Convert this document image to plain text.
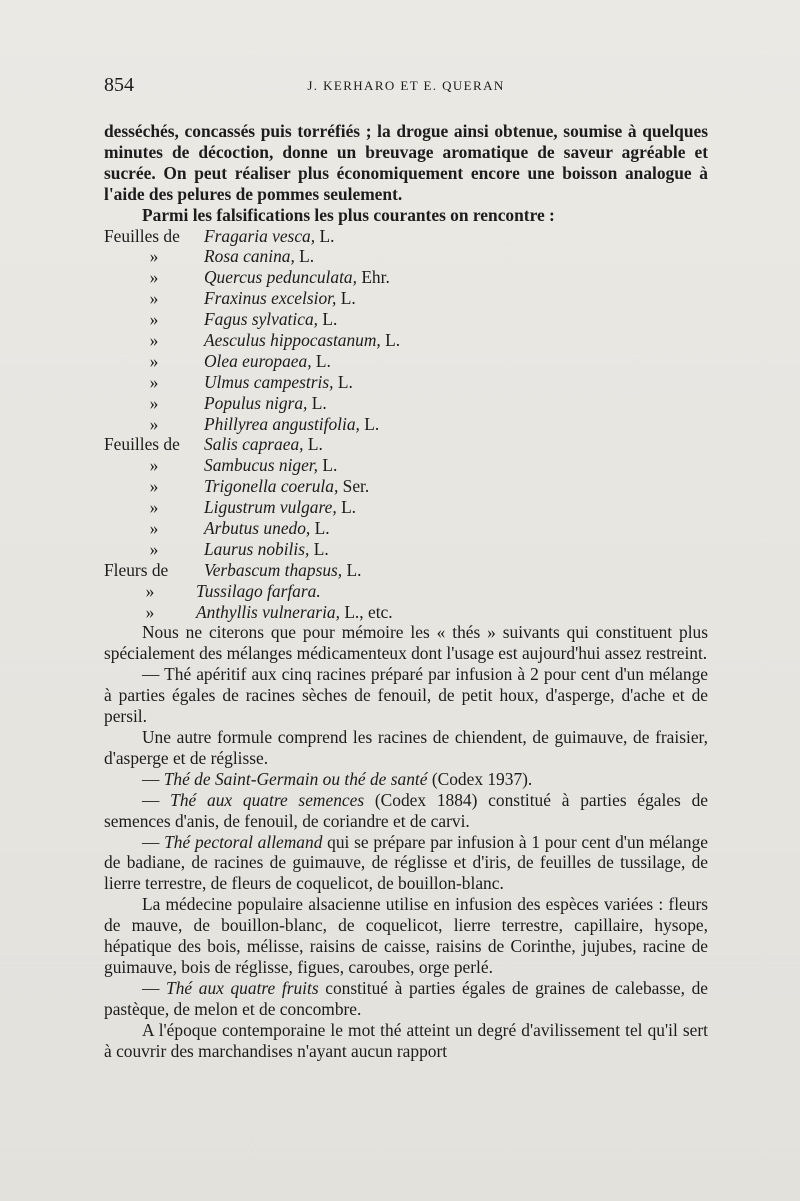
854	J. KERHARO ET E. QUERAN

desséchés, concassés puis torréfiés ; la drogue ainsi obtenue, soumise à quelques minutes de décoction, donne un breuvage aromatique de saveur agréable et sucrée. On peut réaliser plus économiquement encore une boisson analogue à l'aide des pelures de pommes seulement.

Parmi les falsifications les plus courantes on rencontre :

Feuilles de Fragaria vesca, L.
»	Rosa canina, L.
»	Quercus pedunculata, Ehr.
»	Fraxinus excelsior, L.
»	Fagus sylvatica, L.
»	Aesculus hippocastanum, L.
»	Olea europaea, L.
»	Ulmus campestris, L.
»	Populus nigra, L.
»	Phillyrea angustifolia, L.
Feuilles de Salis capraea, L.
»	Sambucus niger, L.
»	Trigonella coerula, Ser.
»	Ligustrum vulgare, L.
»	Arbutus unedo, L.
»	Laurus nobilis, L.
Fleurs de Verbascum thapsus, L.
» Tussilago farfara.
» Anthyllis vulneraria, L., etc.

Nous ne citerons que pour mémoire les « thés » suivants qui constituent plus spécialement des mélanges médicamenteux dont l'usage est aujourd'hui assez restreint.

— Thé apéritif aux cinq racines préparé par infusion à 2 pour cent d'un mélange à parties égales de racines sèches de fenouil, de petit houx, d'asperge, d'ache et de persil.

Une autre formule comprend les racines de chiendent, de guimauve, de fraisier, d'asperge et de réglisse.

— Thé de Saint-Germain ou thé de santé (Codex 1937).

— Thé aux quatre semences (Codex 1884) constitué à parties égales de semences d'anis, de fenouil, de coriandre et de carvi.

— Thé pectoral allemand qui se prépare par infusion à 1 pour cent d'un mélange de badiane, de racines de guimauve, de réglisse et d'iris, de feuilles de tussilage, de lierre terrestre, de fleurs de coquelicot, de bouillon-blanc.

La médecine populaire alsacienne utilise en infusion des espèces variées : fleurs de mauve, de bouillon-blanc, de coquelicot, lierre terrestre, capillaire, hysope, hépatique des bois, mélisse, raisins de caisse, raisins de Corinthe, jujubes, racine de guimauve, bois de réglisse, figues, caroubes, orge perlé.

— Thé aux quatre fruits constitué à parties égales de graines de calebasse, de pastèque, de melon et de concombre.

A l'époque contemporaine le mot thé atteint un degré d'avilissement tel qu'il sert à couvrir des marchandises n'ayant aucun rapport
